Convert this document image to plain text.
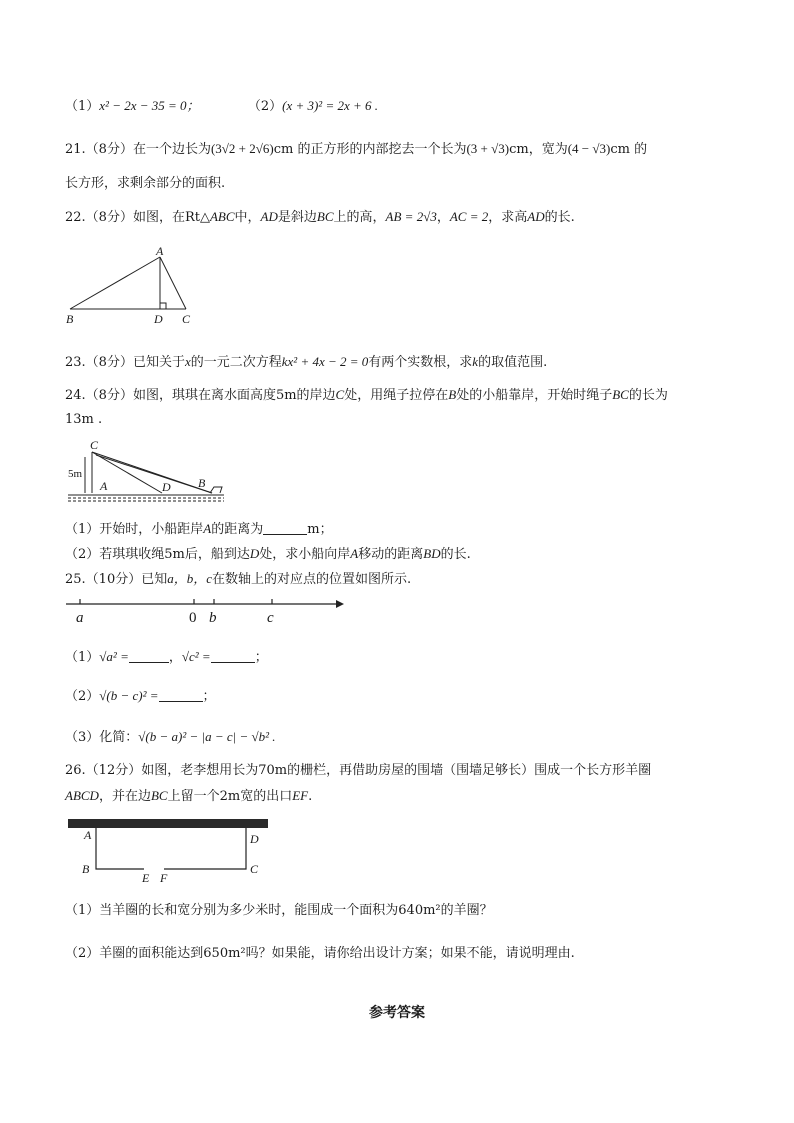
（1）x² − 2x − 35 = 0；	（2）(x + 3)² = 2x + 6 .
21.（8分）在一个边长为(3√2 + 2√6)cm 的正方形的内部挖去一个长为(3 + √3)cm，宽为(4 − √3)cm 的
长方形，求剩余部分的面积.
22.（8分）如图，在Rt△ABC中，AD是斜边BC上的高，AB = 2√3，AC = 2，求高AD的长.
A
B	D C
23.（8分）已知关于x的一元二次方程kx² + 4x − 2 = 0有两个实数根，求k的取值范围.
24.（8分）如图，琪琪在离水面高度5m的岸边C处，用绳子拉停在B处的小船靠岸，开始时绳子BC的长为
13m .
C
5m
A	D B
（1）开始时，小船距岸A的距离为	m；
（2）若琪琪收绳5m后，船到达D处，求小船向岸A移动的距离BD的长.
25.（10分）已知a，b，c在数轴上的对应点的位置如图所示.
a	0 b	c
（1）√a² =	，√c² =	；
（2）√(b − c)² =	；
（3）化简：√(b − a)² − |a − c| − √b² .
26.（12分）如图，老李想用长为70m的栅栏，再借助房屋的围墙（围墙足够长）围成一个长方形羊圈
ABCD，并在边BC上留一个2m宽的出口EF.
A
B
D
C
E F
（1）当羊圈的长和宽分别为多少米时，能围成一个面积为640m²的羊圈？
（2）羊圈的面积能达到650m²吗？如果能，请你给出设计方案；如果不能，请说明理由.
参考答案
